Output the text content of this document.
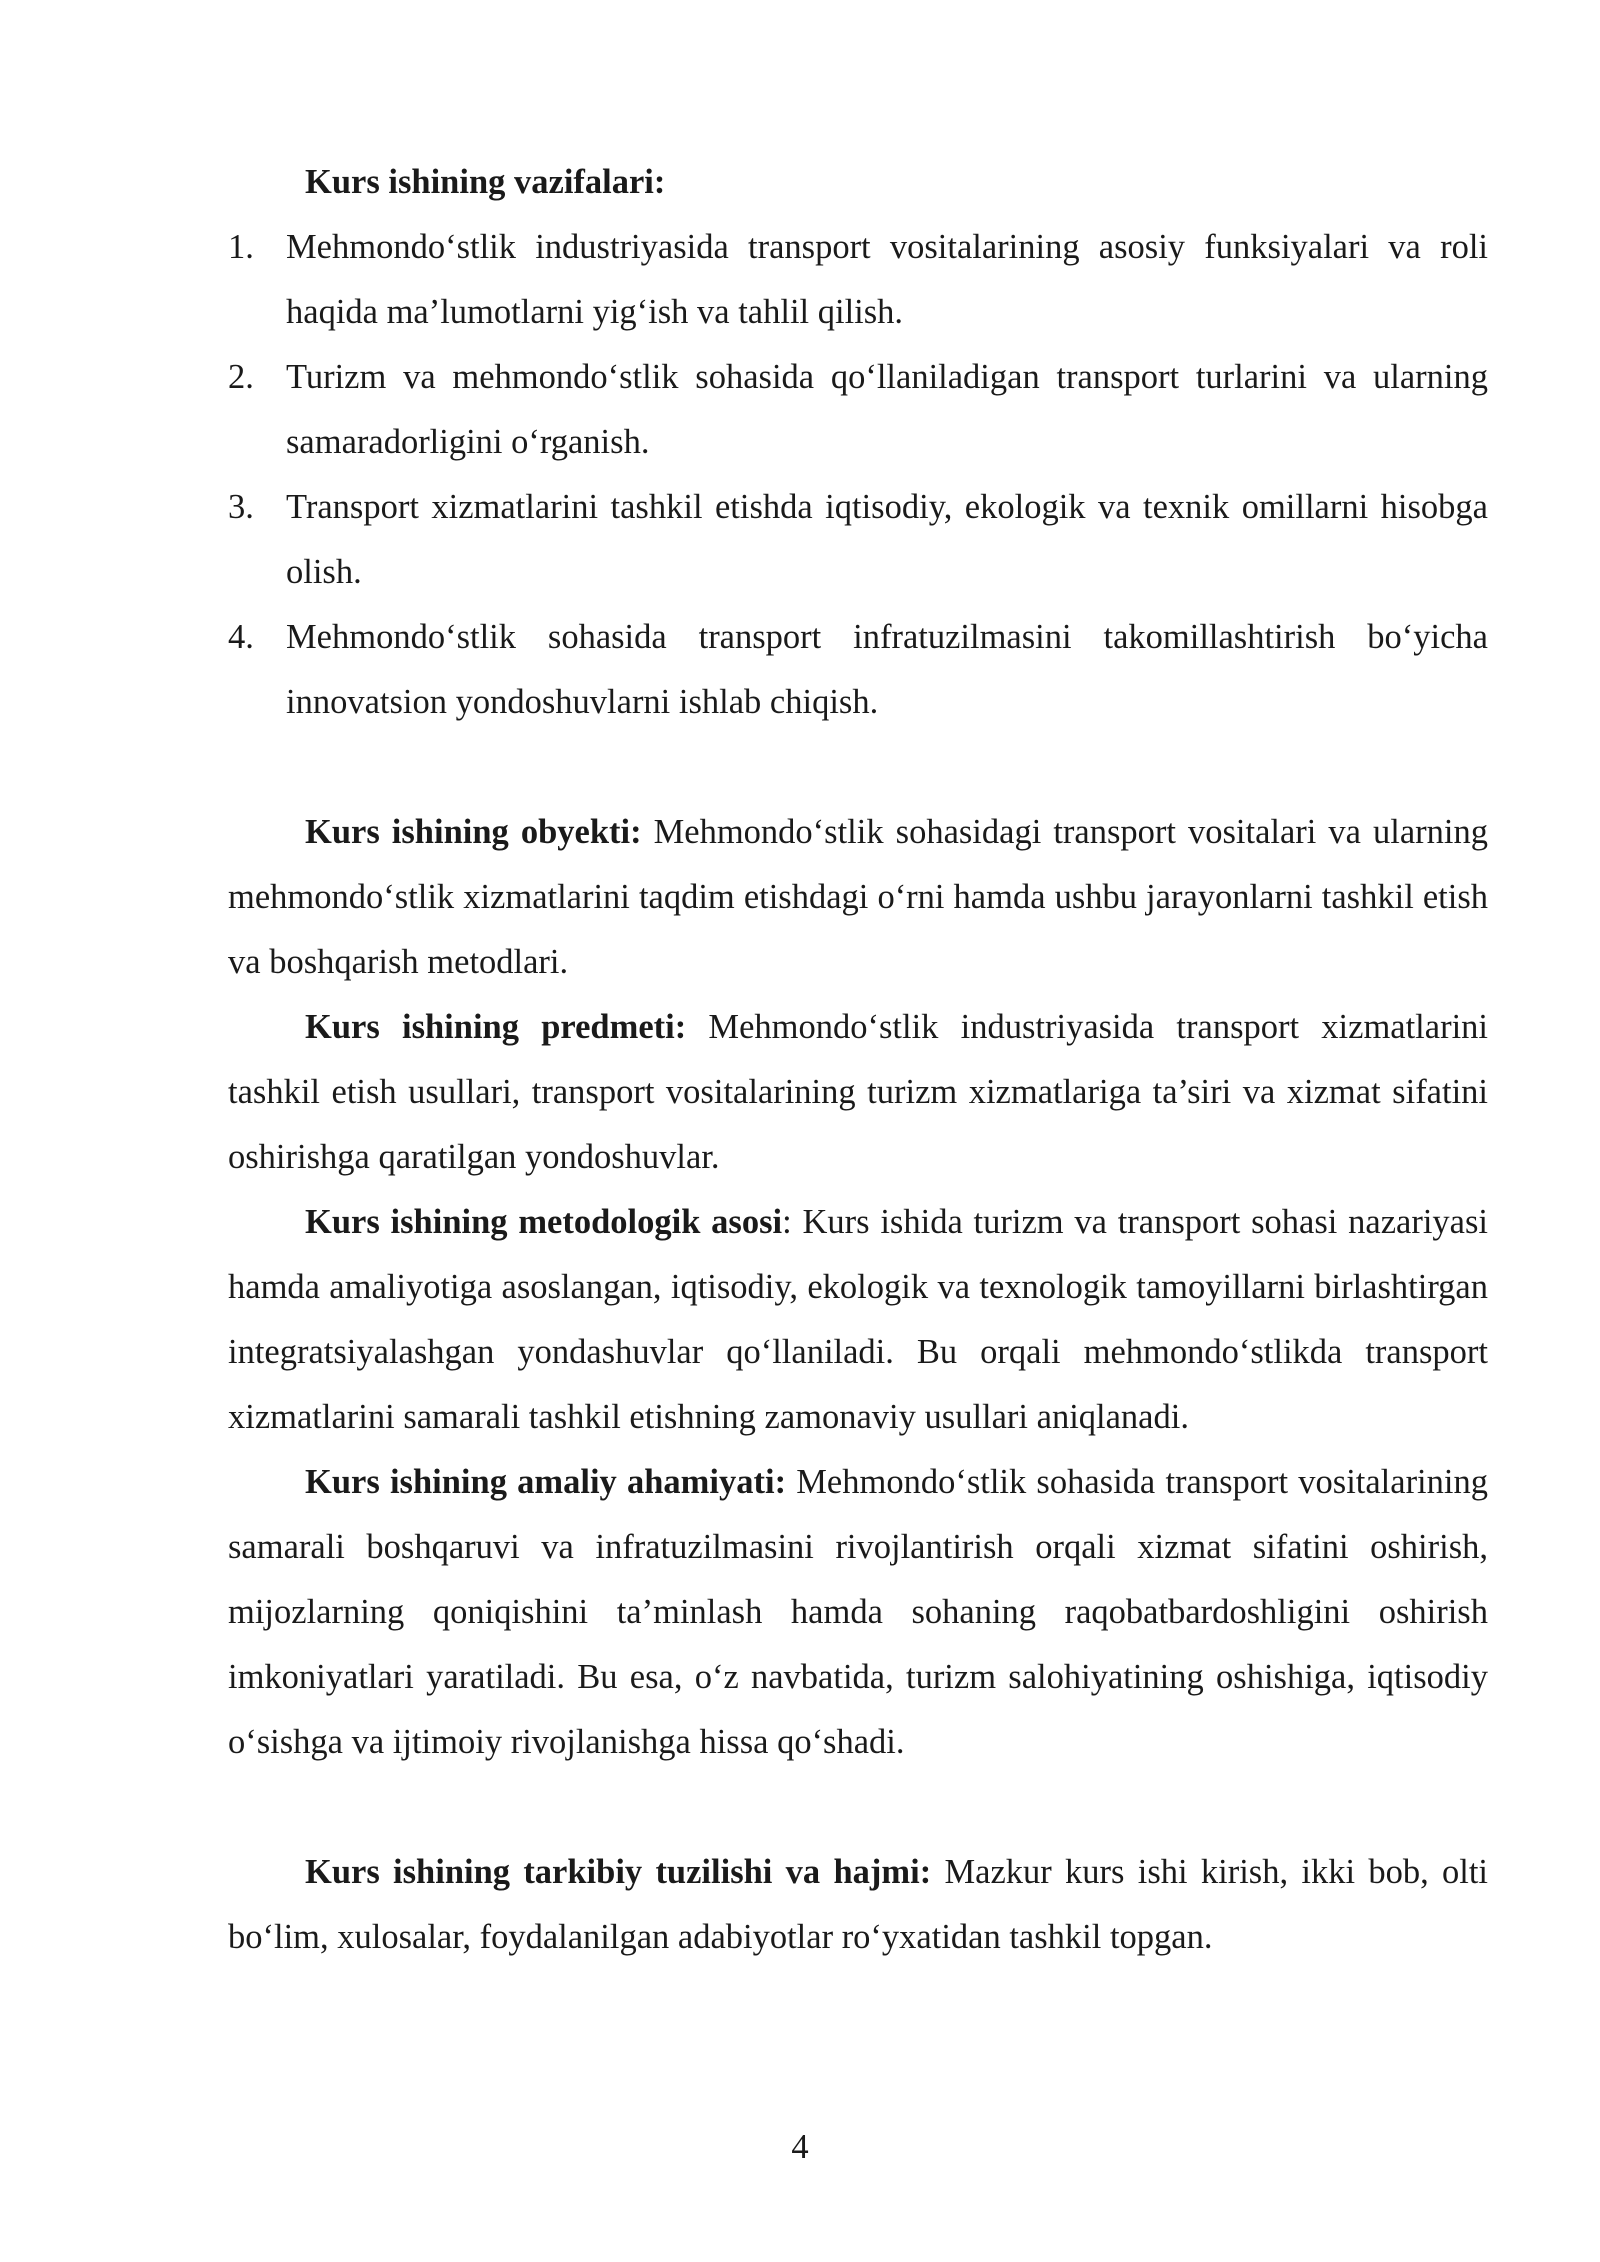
Kurs ishining vazifalari:

1. Mehmondo‘stlik industriyasida transport vositalarining asosiy funksiyalari va roli haqida ma’lumotlarni yig‘ish va tahlil qilish.
2. Turizm va mehmondo‘stlik sohasida qo‘llaniladigan transport turlarini va ularning samaradorligini o‘rganish.
3. Transport xizmatlarini tashkil etishda iqtisodiy, ekologik va texnik omillarni hisobga olish.
4. Mehmondo‘stlik sohasida transport infratuzilmasini takomillashtirish bo‘yicha innovatsion yondoshuvlarni ishlab chiqish.

Kurs ishining obyekti: Mehmondo‘stlik sohasidagi transport vositalari va ularning mehmondo‘stlik xizmatlarini taqdim etishdagi o‘rni hamda ushbu jarayonlarni tashkil etish va boshqarish metodlari.

Kurs ishining predmeti: Mehmondo‘stlik industriyasida transport xizmatlarini tashkil etish usullari, transport vositalarining turizm xizmatlariga ta’siri va xizmat sifatini oshirishga qaratilgan yondoshuvlar.

Kurs ishining metodologik asosi: Kurs ishida turizm va transport sohasi nazariyasi hamda amaliyotiga asoslangan, iqtisodiy, ekologik va texnologik tamoyillarni birlashtirgan integratsiyalashgan yondashuvlar qo‘llaniladi. Bu orqali mehmondo‘stlikda transport xizmatlarini samarali tashkil etishning zamonaviy usullari aniqlanadi.

Kurs ishining amaliy ahamiyati: Mehmondo‘stlik sohasida transport vositalarining samarali boshqaruvi va infratuzilmasini rivojlantirish orqali xizmat sifatini oshirish, mijozlarning qoniqishini ta’minlash hamda sohaning raqobatbardoshligini oshirish imkoniyatlari yaratiladi. Bu esa, o‘z navbatida, turizm salohiyatining oshishiga, iqtisodiy o‘sishga va ijtimoiy rivojlanishga hissa qo‘shadi.

Kurs ishining tarkibiy tuzilishi va hajmi: Mazkur kurs ishi kirish, ikki bob, olti bo‘lim, xulosalar, foydalanilgan adabiyotlar ro‘yxatidan tashkil topgan.

4
